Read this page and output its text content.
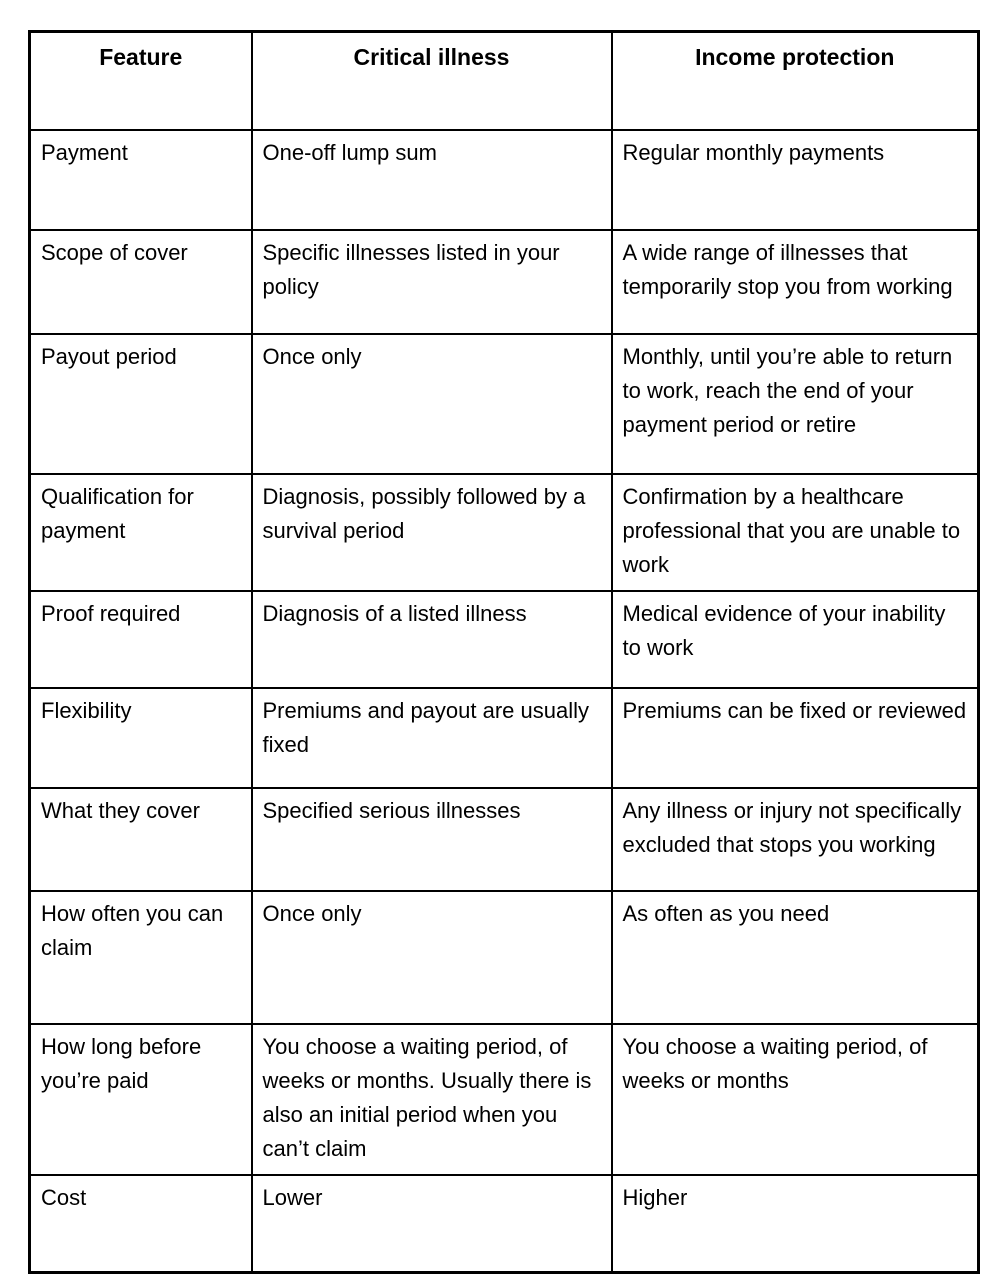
Feature	Critical illness	Income protection
Payment	One-off lump sum	Regular monthly payments
Scope of cover	Specific illnesses listed in your policy	A wide range of illnesses that temporarily stop you from working
Payout period	Once only	Monthly, until you’re able to return to work, reach the end of your payment period or retire
Qualification for payment	Diagnosis, possibly followed by a survival period	Confirmation by a healthcare professional that you are unable to work
Proof required	Diagnosis of a listed illness	Medical evidence of your inability to work
Flexibility	Premiums and payout are usually fixed	Premiums can be fixed or reviewed
What they cover	Specified serious illnesses	Any illness or injury not specifically excluded that stops you working
How often you can claim	Once only	As often as you need
How long before you’re paid	You choose a waiting period, of weeks or months. Usually there is also an initial period when you can’t claim	You choose a waiting period, of weeks or months
Cost	Lower	Higher
